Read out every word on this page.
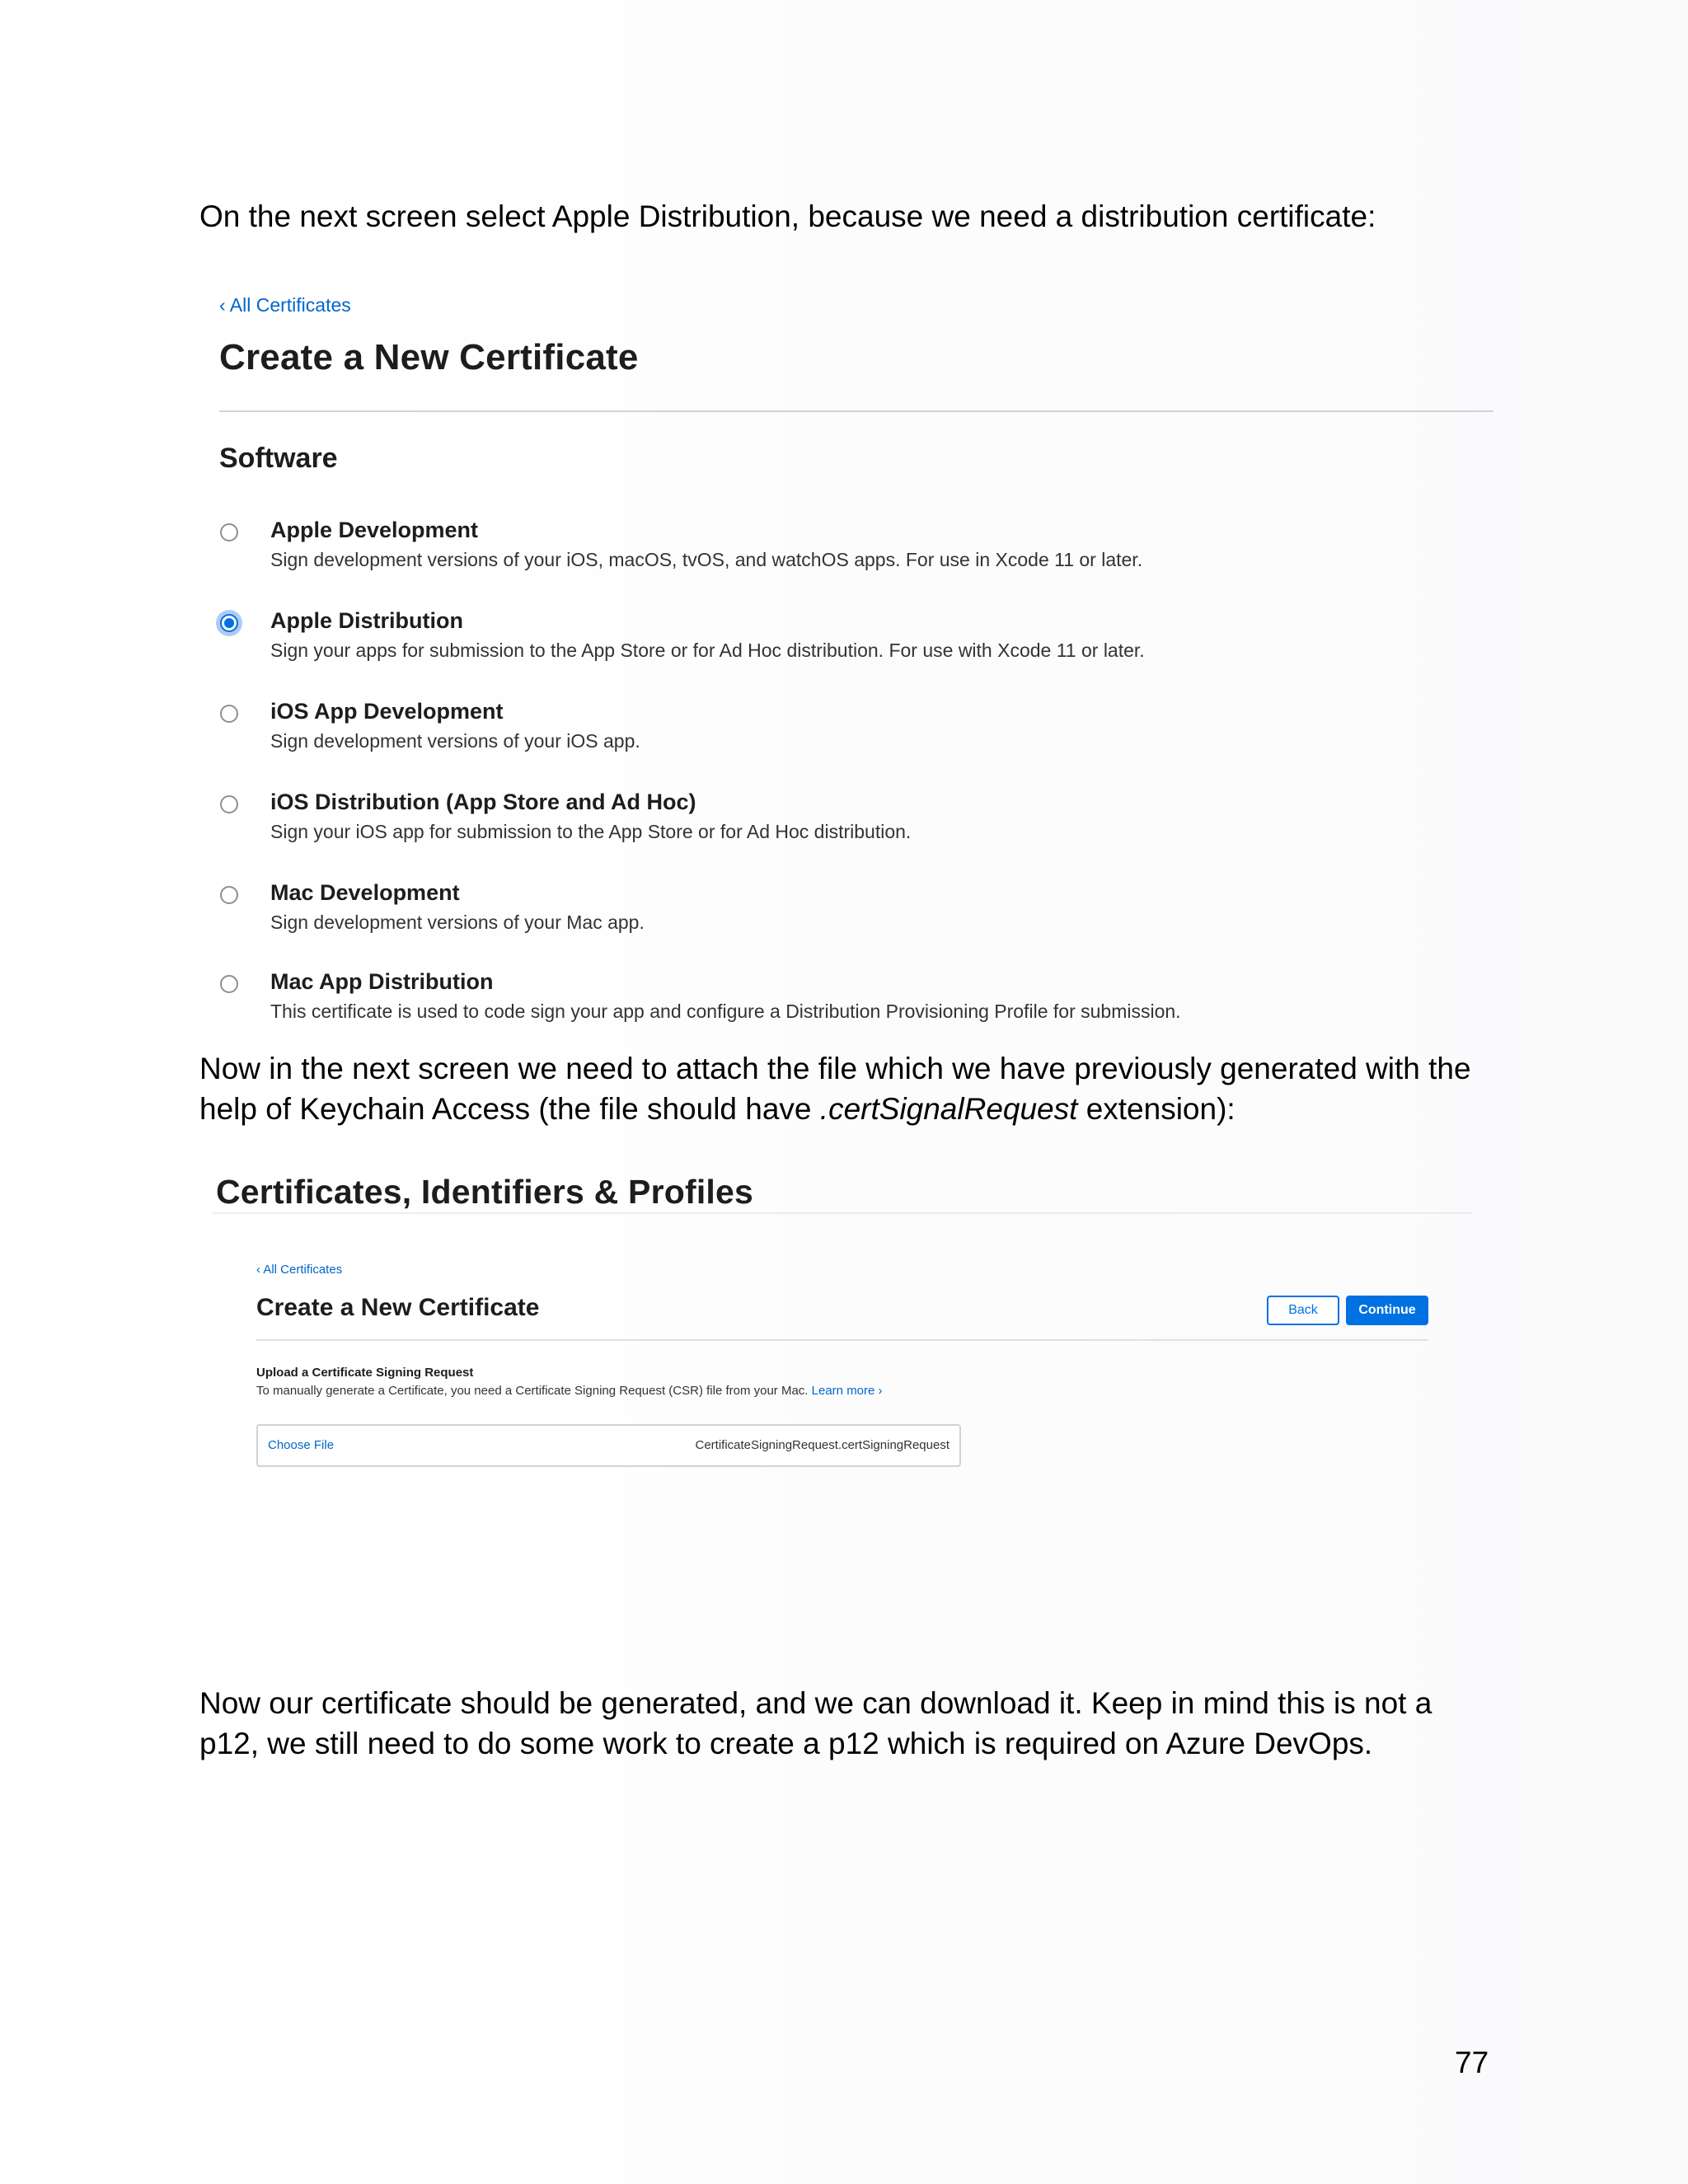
On the next screen select Apple Distribution, because we need a distribution certificate:

‹ All Certificates
Create a New Certificate
Software
Apple Development
Sign development versions of your iOS, macOS, tvOS, and watchOS apps. For use in Xcode 11 or later.
Apple Distribution
Sign your apps for submission to the App Store or for Ad Hoc distribution. For use with Xcode 11 or later.
iOS App Development
Sign development versions of your iOS app.
iOS Distribution (App Store and Ad Hoc)
Sign your iOS app for submission to the App Store or for Ad Hoc distribution.
Mac Development
Sign development versions of your Mac app.
Mac App Distribution
This certificate is used to code sign your app and configure a Distribution Provisioning Profile for submission.

Now in the next screen we need to attach the file which we have previously generated with the
help of Keychain Access (the file should have .certSignalRequest extension):

Certificates, Identifiers & Profiles
‹ All Certificates
Create a New Certificate	Back	Continue
Upload a Certificate Signing Request
To manually generate a Certificate, you need a Certificate Signing Request (CSR) file from your Mac. Learn more ›
Choose File	CertificateSigningRequest.certSigningRequest

Now our certificate should be generated, and we can download it. Keep in mind this is not a
p12, we still need to do some work to create a p12 which is required on Azure DevOps.

77
